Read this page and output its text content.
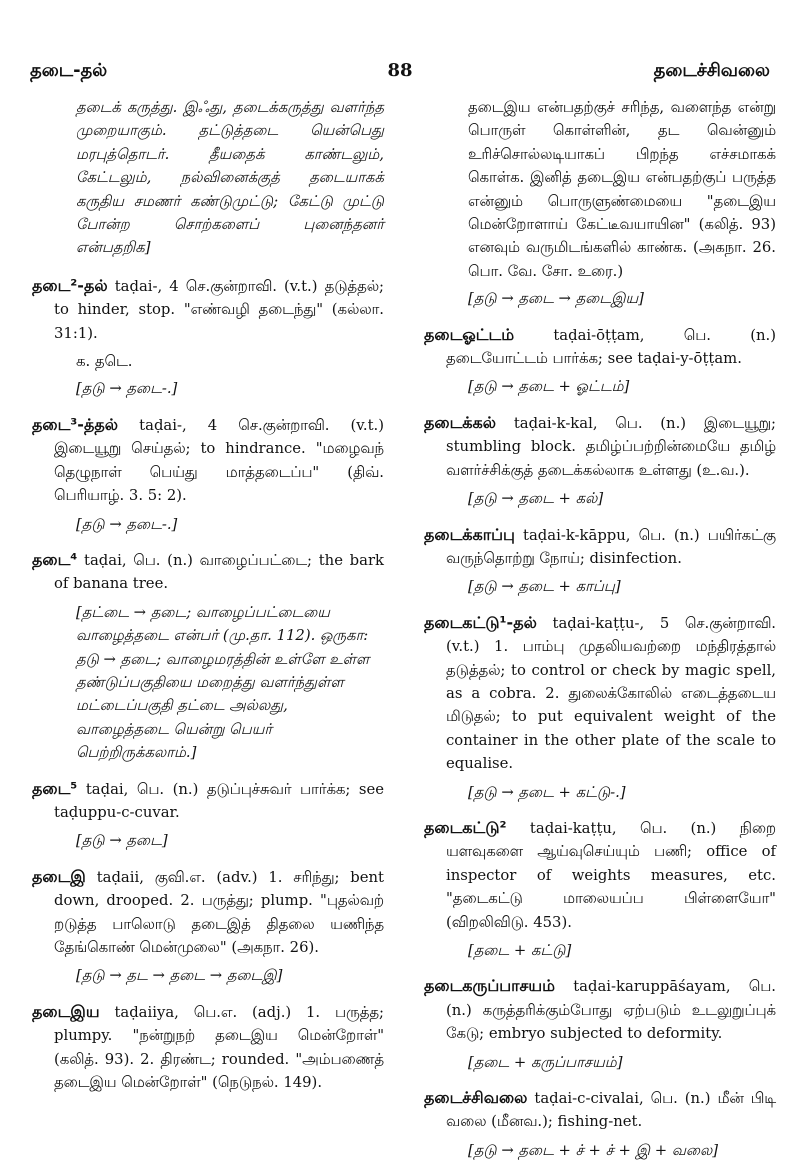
தடை-தல்	88	தடைச்சிவலை

தடைக் கருத்து. இஃது, தடைக்கருத்து வளர்ந்த முறையாகும். தட்டுத்தடை யென்பெது மரபுத்தொடர். தீயதைக் காண்டலும், கேட்டலும், நல்வினைக்குத் தடையாகக் கருதிய சமணர் கண்டுமுட்டு; கேட்டு முட்டு போன்ற சொற்களைப் புனைந்தனர் என்பதறிக]

தடை²-தல் taḍai-, 4 செ.குன்றாவி. (v.t.) தடுத்தல்; to hinder, stop. "எண்வழி தடைந்து" (கல்லா. 31:1).

க. தடெ.

[தடு → தடை-.]

தடை³-த்தல் taḍai-, 4 செ.குன்றாவி. (v.t.) இடையூறு செய்தல்; to hindrance. "மழைவந் தெழுநாள் பெய்து மாத்தடைப்ப" (திவ். பெரியாழ். 3. 5: 2).

[தடு → தடை-.]

தடை⁴ taḍai, பெ. (n.) வாழைப்பட்டை; the bark of banana tree.

[தட்டை → தடை; வாழைப்பட்டையை வாழைத்தடை என்பர் (மு.தா. 112). ஒருகா: தடு → தடை; வாழைமரத்தின் உள்ளே உள்ள தண்டுப்பகுதியை மறைத்து வளர்ந்துள்ள மட்டைப்பகுதி தட்டை அல்லது, வாழைத்தடை யென்று பெயர் பெற்றிருக்கலாம்.]

தடை⁵ taḍai, பெ. (n.) தடுப்புச்சுவர் பார்க்க; see taḍuppu-c-cuvar.

[தடு → தடை]

தடைஇ taḍaii, குவி.எ. (adv.) 1. சரிந்து; bent down, drooped. 2. பருத்து; plump. "புதல்வற் றடுத்த பாலொடு தடைஇத் திதலை யணிந்த தேங்கொண் மென்முலை" (அகநா. 26).

[தடு → தட → தடை → தடைஇ]

தடைஇய taḍaiiya, பெ.எ. (adj.) 1. பருத்த; plumpy. "நன்றுநற் தடைஇய மென்றோள்" (கலித். 93). 2. திரண்ட; rounded. "அம்பணைத் தடைஇய மென்றோள்" (நெடுநல். 149).

தடைஇய என்பதற்குச் சரிந்த, வளைந்த என்று பொருள் கொள்ளின், தட வென்னும் உரிச்சொல்லடியாகப் பிறந்த எச்சமாகக் கொள்க. இனித் தடைஇய என்பதற்குப் பருத்த என்னும் பொருளுண்மையை "தடைஇய மென்றோளாய் கேட்டீவயாயின" (கலித். 93) எனவும் வருமிடங்களில் காண்க. (அகநா. 26. பொ. வே. சோ. உரை.)

[தடு → தடை → தடைஇய]

தடைஓட்டம்	taḍai-ōṭṭam, பெ. (n.) தடையோட்டம் பார்க்க; see taḍai-y-ōṭṭam.

[தடு → தடை + ஓட்டம்]

தடைக்கல் taḍai-k-kal, பெ. (n.) இடையூறு; stumbling block. தமிழ்ப்பற்றின்மையே தமிழ் வளர்ச்சிக்குத் தடைக்கல்லாக உள்ளது (உ.வ.).

[தடு → தடை + கல்]

தடைக்காப்பு taḍai-k-kāppu, பெ. (n.) பயிர்கட்கு வருந்தொற்று நோய்; disinfection.

[தடு → தடை + காப்பு]

தடைகட்டு¹-தல் taḍai-kaṭṭu-, 5 செ.குன்றாவி. (v.t.) 1. பாம்பு முதலியவற்றை மந்திரத்தால் தடுத்தல்; to control or check by magic spell, as a cobra. 2. துலைக்கோலில் எடைத்தடைய மிடுதல்; to put equivalent weight of the container in the other plate of the scale to equalise.

[தடு → தடை + கட்டு-.]

தடைகட்டு² taḍai-kaṭṭu, பெ. (n.) நிறை யளவுகளை ஆய்வுசெய்யும் பணி; office of inspector of weights measures, etc. "தடைகட்டு மாலையப்ப பிள்ளையோ" (விறலிவிடு. 453).

[தடை + கட்டு]

தடைகருப்பாசயம் taḍai-karuppāśayam, பெ. (n.) கருத்தரிக்கும்போது ஏற்படும் உடலுறுப்புக் கேடு; embryo subjected to deformity.

[தடை + கருப்பாசயம்]

தடைச்சிவலை taḍai-c-civalai, பெ. (n.) மீன் பிடி வலை (மீனவ.); fishing-net.

[தடு → தடை + ச் + ச் + இ + வலை]
